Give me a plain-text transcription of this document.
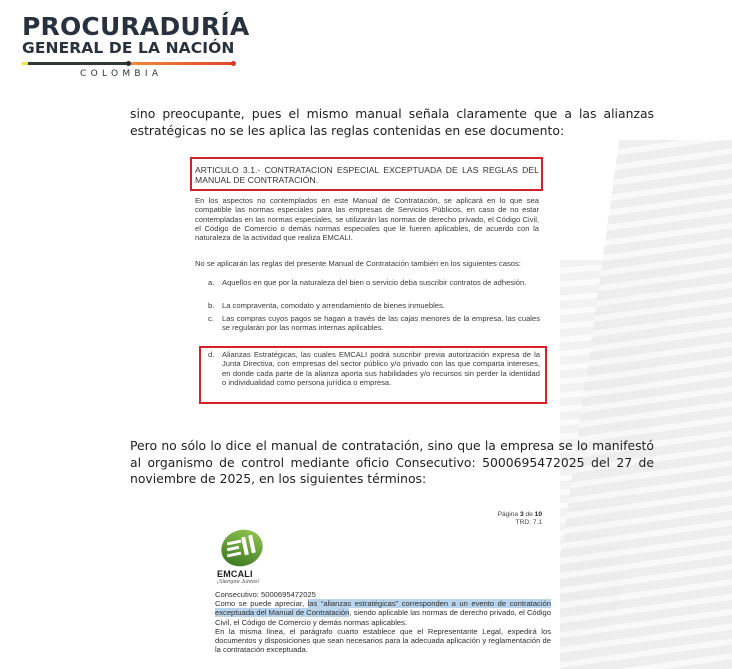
PROCURADURÍA
GENERAL DE LA NACIÓN
COLOMBIA

sino preocupante, pues el mismo manual señala claramente que a las alianzas estratégicas no se les aplica las reglas contenidas en ese documento:

ARTICULO 3.1.- CONTRATACION ESPECIAL EXCEPTUADA DE LAS REGLAS DEL MANUAL DE CONTRATACIÓN.
En los aspectos no contemplados en este Manual de Contratación, se aplicará en lo que sea compatible las normas especiales para las empresas de Servicios Públicos, en caso de no estar contempladas en las normas especiales, se utilizarán las normas de derecho privado, el Código Civil, el Código de Comercio o demás normas especiales que le fueren aplicables, de acuerdo con la naturaleza de la actividad que realiza EMCALI.
No se aplicarán las reglas del presente Manual de Contratación también en los siguientes casos:
a.	Aquellos en que por la naturaleza del bien o servicio deba suscribir contratos de adhesión.
b.	La compraventa, comodato y arrendamiento de bienes inmuebles.
c.	Las compras cuyos pagos se hagan a través de las cajas menores de la empresa, las cuales se regularán por las normas internas aplicables.
d.	Alianzas Estratégicas, las cuales EMCALI podrá suscribir previa autorización expresa de la Junta Directiva, con empresas del sector público y/o privado con las que comparta intereses, en donde cada parte de la alianza aporta sus habilidades y/o recursos sin perder la identidad o individualidad como persona jurídica o empresa.

Pero no sólo lo dice el manual de contratación, sino que la empresa se lo manifestó al organismo de control mediante oficio Consecutivo: 5000695472025 del 27 de noviembre de 2025, en los siguientes términos:

Página 3 de 10
TRD: 7.1
EMCALI
¡Siempre Juntos!
Consecutivo: 5000695472025
Como se puede apreciar, las “alianzas estratégicas” corresponden a un evento de contratación exceptuada del Manual de Contratación, siendo aplicable las normas de derecho privado, el Código Civil, el Código de Comercio y demás normas aplicables.
En la misma línea, el parágrafo cuarto establece que el Representante Legal, expedirá los documentos y disposiciones que sean necesarios para la adecuada aplicación y reglamentación de la contratación exceptuada.
